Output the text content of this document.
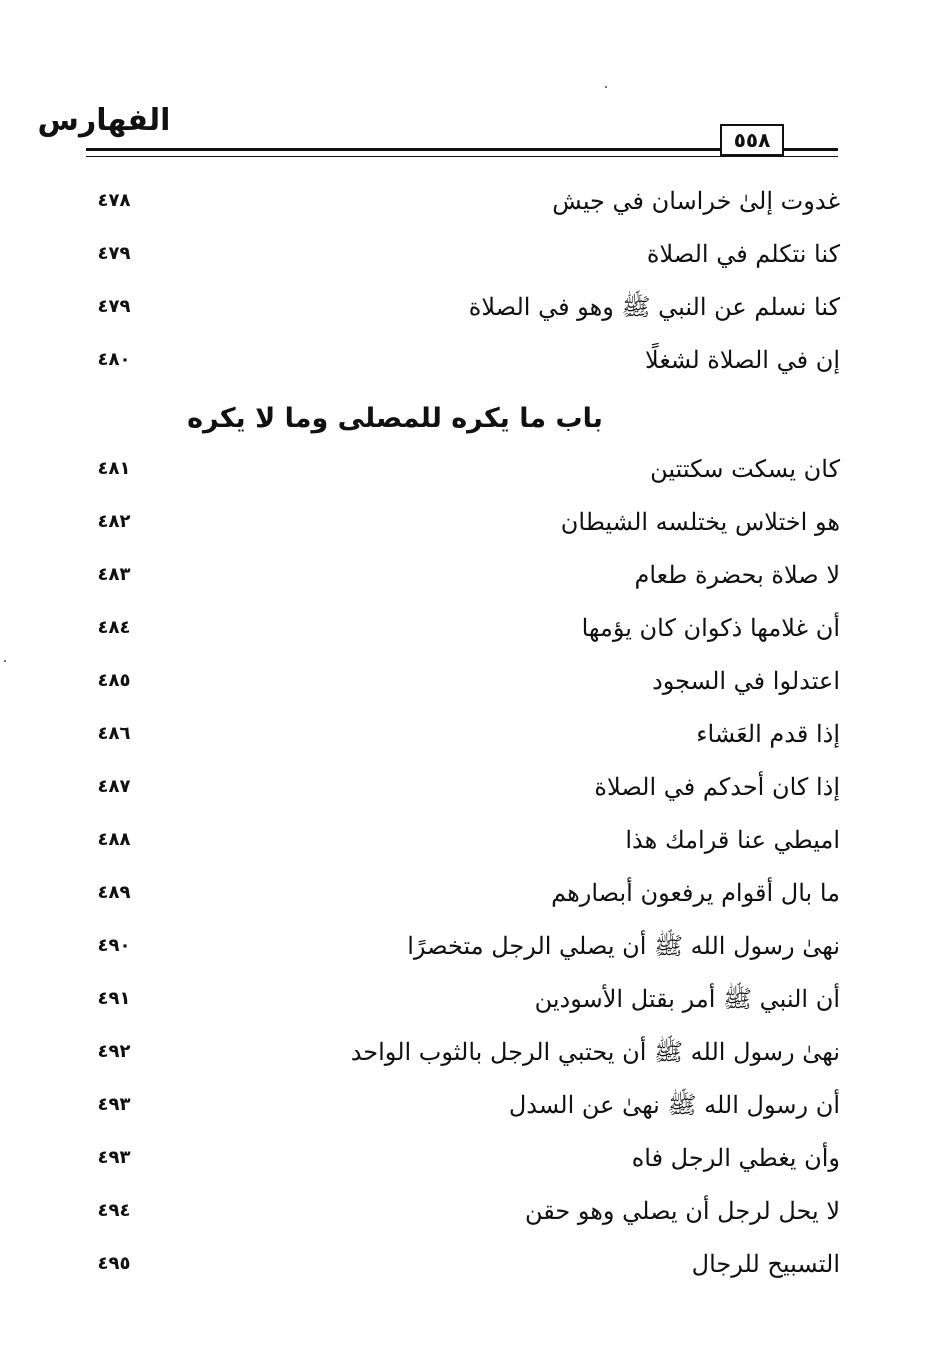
الفهارس
٥٥٨
غدوت إلىٰ خراسان في جيش
٤٧٨
كنا نتكلم في الصلاة
٤٧٩
كنا نسلم عن النبي ﷺ وهو في الصلاة
٤٧٩
إن في الصلاة لشغلًا
٤٨٠
باب ما يكره للمصلى وما لا يكره
كان يسكت سكتتين
٤٨١
هو اختلاس يختلسه الشيطان
٤٨٢
لا صلاة بحضرة طعام
٤٨٣
أن غلامها ذكوان كان يؤمها
٤٨٤
اعتدلوا في السجود
٤٨٥
إذا قدم العَشاء
٤٨٦
إذا كان أحدكم في الصلاة
٤٨٧
اميطي عنا قرامك هذا
٤٨٨
ما بال أقوام يرفعون أبصارهم
٤٨٩
نهىٰ رسول الله ﷺ أن يصلي الرجل متخصرًا
٤٩٠
أن النبي ﷺ أمر بقتل الأسودين
٤٩١
نهىٰ رسول الله ﷺ أن يحتبي الرجل بالثوب الواحد
٤٩٢
أن رسول الله ﷺ نهىٰ عن السدل
٤٩٣
وأن يغطي الرجل فاه
٤٩٣
لا يحل لرجل أن يصلي وهو حقن
٤٩٤
التسبيح للرجال
٤٩٥
